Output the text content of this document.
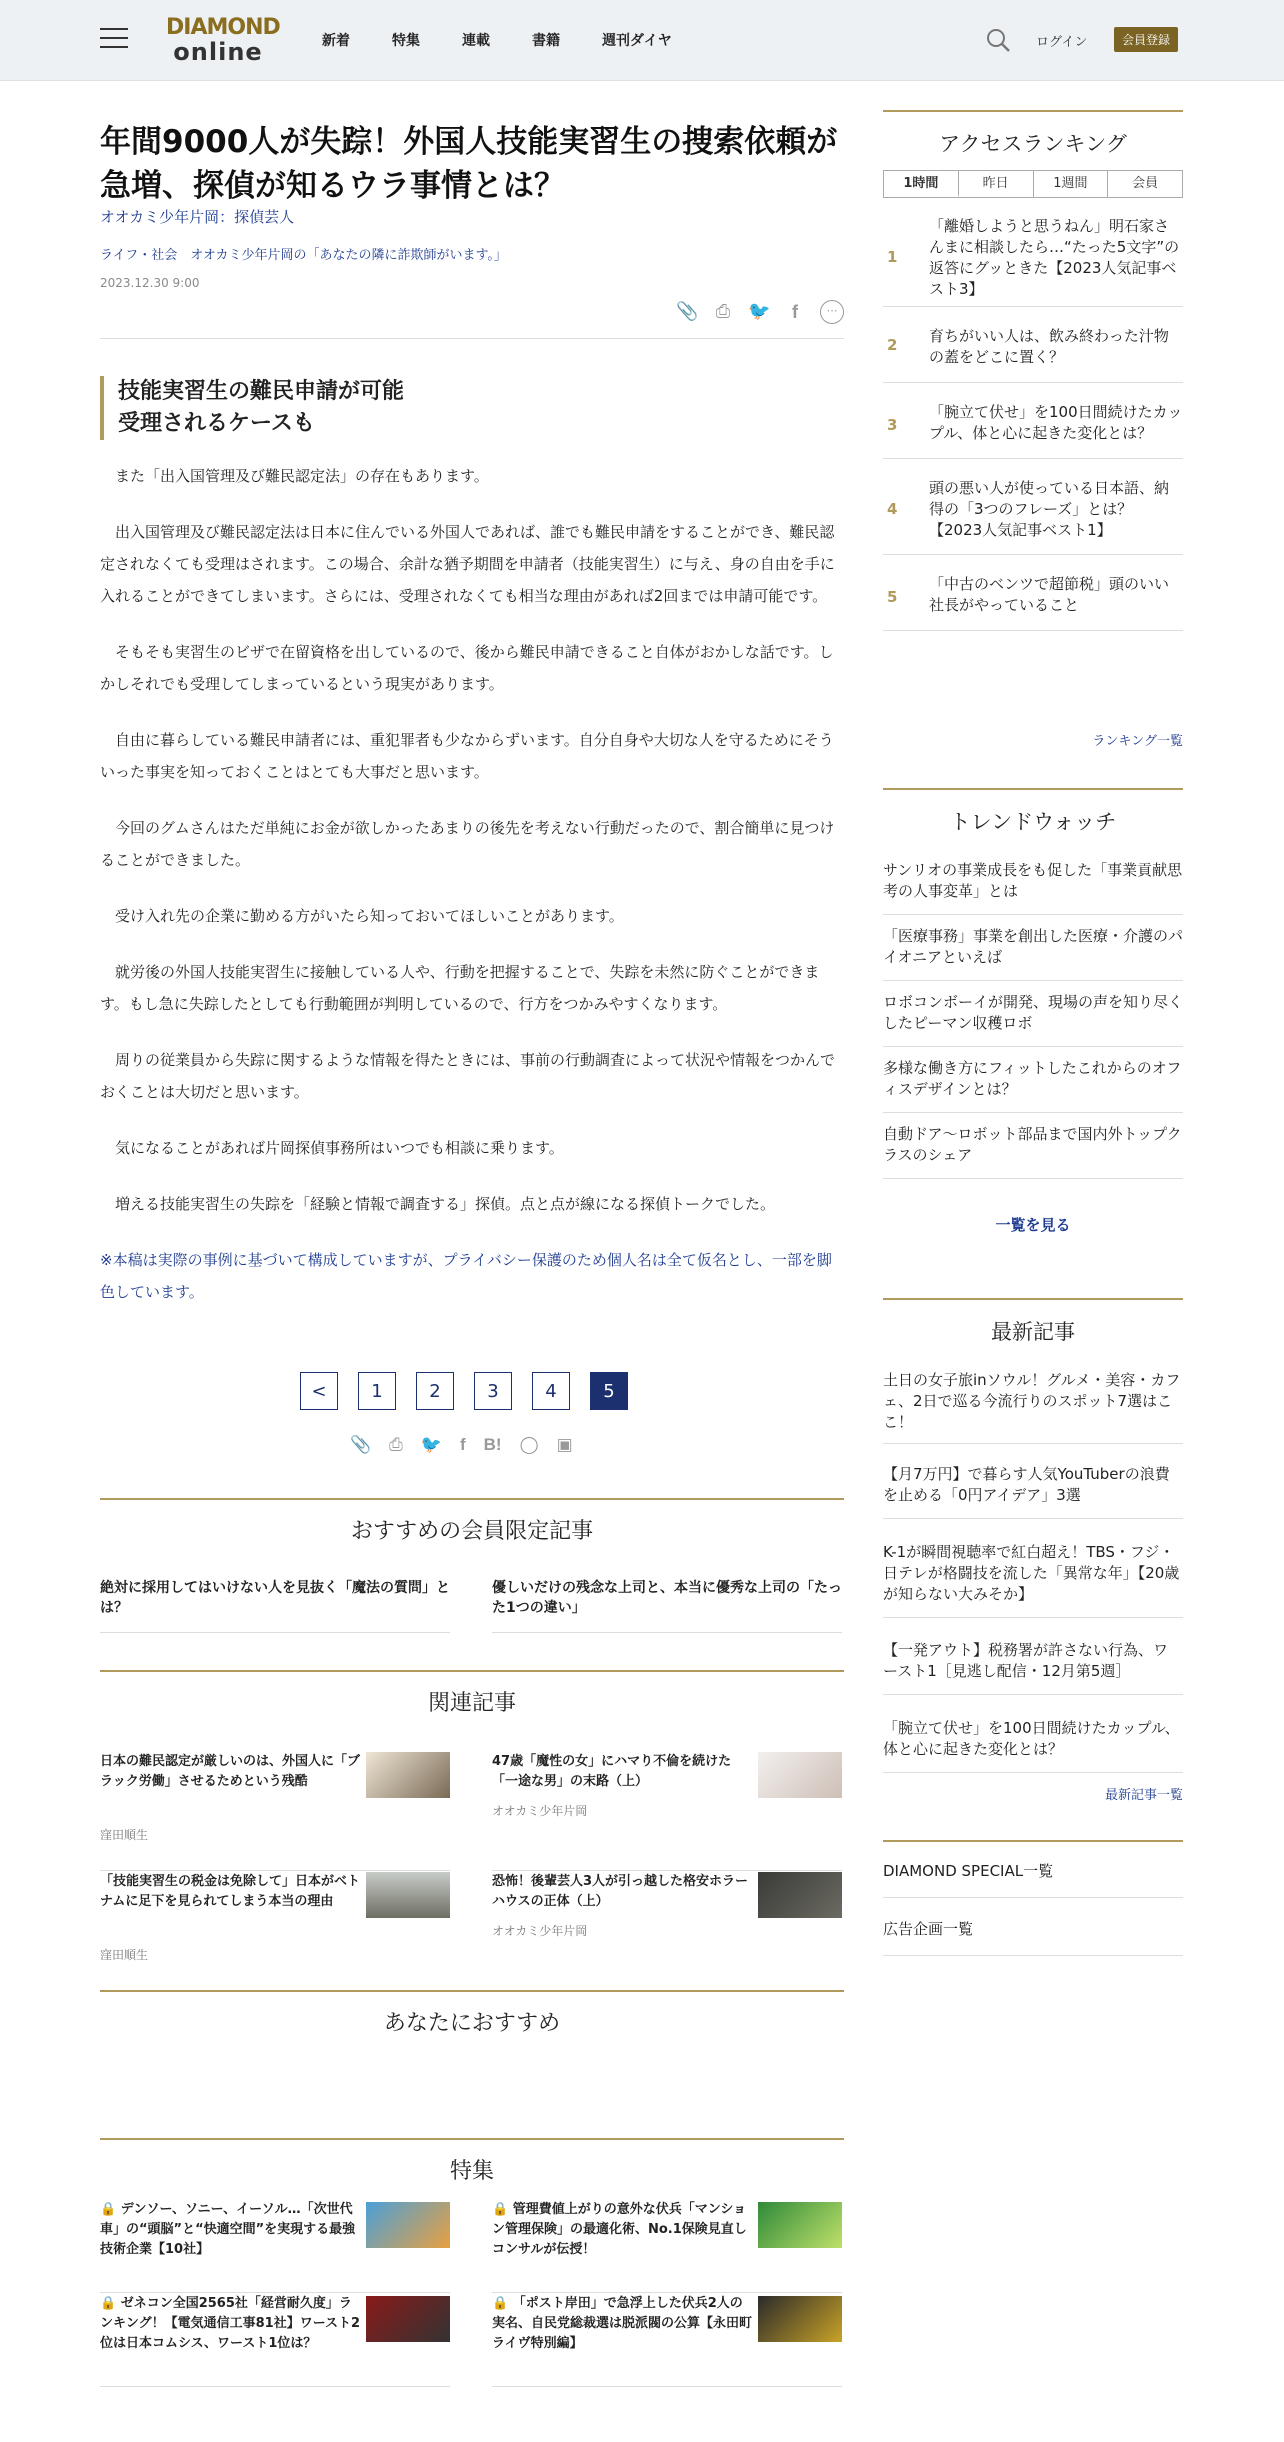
DIAMOND
online	新着	特集	連載	書籍	週刊ダイヤ	ログイン	会員登録
年間9000人が失踪！外国人技能実習生の捜索依頼が急増、探偵が知るウラ事情とは？
オオカミ少年片岡：探偵芸人
ライフ・社会　オオカミ少年片岡の「あなたの隣に詐欺師がいます。」
2023.12.30 9:00
📎 ⎙ 🐦	f	⋯
技能実習生の難民申請が可能
受理されるケースも

また「出入国管理及び難民認定法」の存在もあります。

出入国管理及び難民認定法は日本に住んでいる外国人であれば、誰でも難民申請をすることができ、難民認定されなくても受理はされます。この場合、余計な猶予期間を申請者（技能実習生）に与え、身の自由を手に入れることができてしまいます。さらには、受理されなくても相当な理由があれば2回までは申請可能です。

そもそも実習生のビザで在留資格を出しているので、後から難民申請できること自体がおかしな話です。しかしそれでも受理してしまっているという現実があります。

自由に暮らしている難民申請者には、重犯罪者も少なからずいます。自分自身や大切な人を守るためにそういった事実を知っておくことはとても大事だと思います。

今回のグムさんはただ単純にお金が欲しかったあまりの後先を考えない行動だったので、割合簡単に見つけることができました。

受け入れ先の企業に勤める方がいたら知っておいてほしいことがあります。

就労後の外国人技能実習生に接触している人や、行動を把握することで、失踪を未然に防ぐことができます。もし急に失踪したとしても行動範囲が判明しているので、行方をつかみやすくなります。

周りの従業員から失踪に関するような情報を得たときには、事前の行動調査によって状況や情報をつかんでおくことは大切だと思います。

気になることがあれば片岡探偵事務所はいつでも相談に乗ります。

増える技能実習生の失踪を「経験と情報で調査する」探偵。点と点が線になる探偵トークでした。

※本稿は実際の事例に基づいて構成していますが、プライバシー保護のため個人名は全て仮名とし、一部を脚色しています。

<	1	2	3	4	5
📎 ⎙ 🐦 f B! ◯ ▣
おすすめの会員限定記事
絶対に採用してはいけない人を見抜く「魔法の質問」とは？
優しいだけの残念な上司と、本当に優秀な上司の「たった1つの違い」
関連記事
日本の難民認定が厳しいのは、外国人に「ブラック労働」させるためという残酷
窪田順生
47歳「魔性の女」にハマり不倫を続けた「一途な男」の末路（上）
オオカミ少年片岡
「技能実習生の税金は免除して」日本がベトナムに足下を見られてしまう本当の理由
窪田順生
恐怖！後輩芸人3人が引っ越した格安ホラーハウスの正体（上）
オオカミ少年片岡
あなたにおすすめ
特集
🔒 デンソー、ソニー、イーソル…「次世代車」の“頭脳”と“快適空間”を実現する最強技術企業【10社】
🔒 管理費値上がりの意外な伏兵「マンション管理保険」の最適化術、No.1保険見直しコンサルが伝授！
🔒 ゼネコン全国2565社「経営耐久度」ランキング！【電気通信工事81社】ワースト2位は日本コムシス、ワースト1位は？
🔒 「ポスト岸田」で急浮上した伏兵2人の実名、自民党総裁選は脱派閥の公算【永田町ライヴ特別編】
アクセスランキング
1時間	昨日	1週間	会員
1
「離婚しようと思うねん」明石家さんまに相談したら…“たった5文字”の返答にグッときた【2023人気記事ベスト3】
2 育ちがいい人は、飲み終わった汁物の蓋をどこに置く？
3
「腕立て伏せ」を100日間続けたカップル、体と心に起きた変化とは？
4
頭の悪い人が使っている日本語、納得の「3つのフレーズ」とは？【2023人気記事ベスト1】
5
「中古のベンツで超節税」頭のいい社長がやっていること
ランキング一覧
トレンドウォッチ
サンリオの事業成長をも促した「事業貢献思考の人事変革」とは
「医療事務」事業を創出した医療・介護のパイオニアといえば
ロボコンボーイが開発、現場の声を知り尽くしたピーマン収穫ロボ
多様な働き方にフィットしたこれからのオフィスデザインとは？
自動ドア〜ロボット部品まで国内外トップクラスのシェア
一覧を見る
最新記事
土日の女子旅inソウル！グルメ・美容・カフェ、2日で巡る今流行りのスポット7選はここ！
【月7万円】で暮らす人気YouTuberの浪費を止める「0円アイデア」3選
K-1が瞬間視聴率で紅白超え！TBS・フジ・日テレが格闘技を流した「異常な年」【20歳が知らない大みそか】
【一発アウト】税務署が許さない行為、ワースト1［見逃し配信・12月第5週］
「腕立て伏せ」を100日間続けたカップル、体と心に起きた変化とは？
最新記事一覧
DIAMOND SPECIAL一覧
広告企画一覧
